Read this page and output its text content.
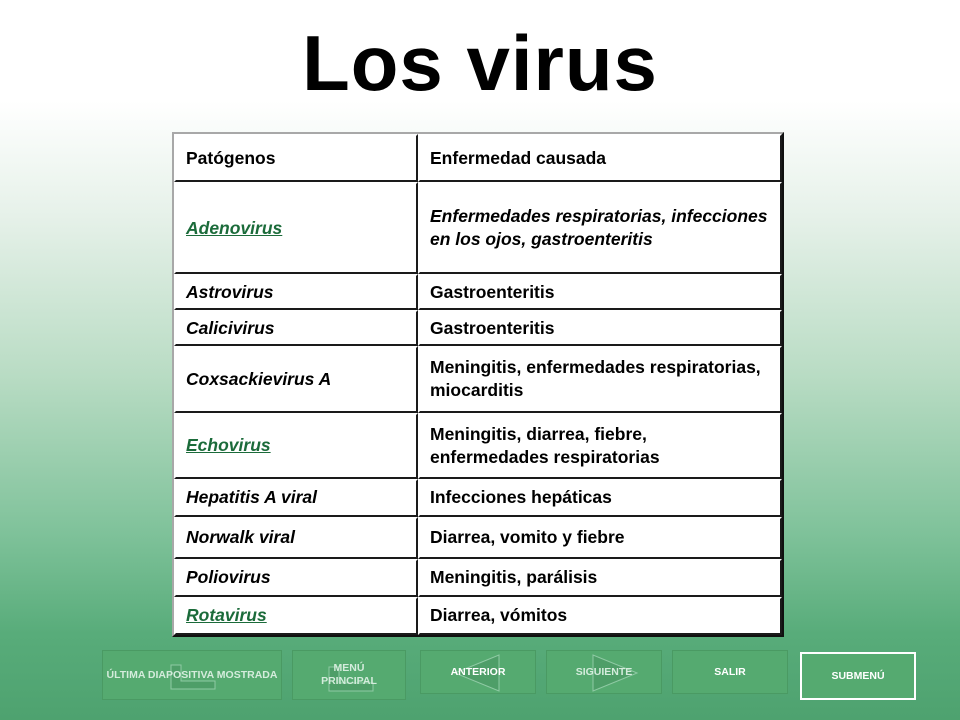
Los virus
Patógenos	Enfermedad causada
Adenovirus	Enfermedades respiratorias, infecciones en los ojos, gastroenteritis
Astrovirus	Gastroenteritis
Calicivirus	Gastroenteritis
Coxsackievirus A	Meningitis, enfermedades respiratorias, miocarditis
Echovirus	Meningitis, diarrea, fiebre, enfermedades respiratorias
Hepatitis A viral	Infecciones hepáticas
Norwalk viral	Diarrea, vomito y fiebre
Poliovirus	Meningitis, parálisis
Rotavirus	Diarrea, vómitos
ÚLTIMA DIAPOSITIVA MOSTRADA
MENÚ PRINCIPAL
ANTERIOR	SIGUIENTE	SALIR	SUBMENÚ
